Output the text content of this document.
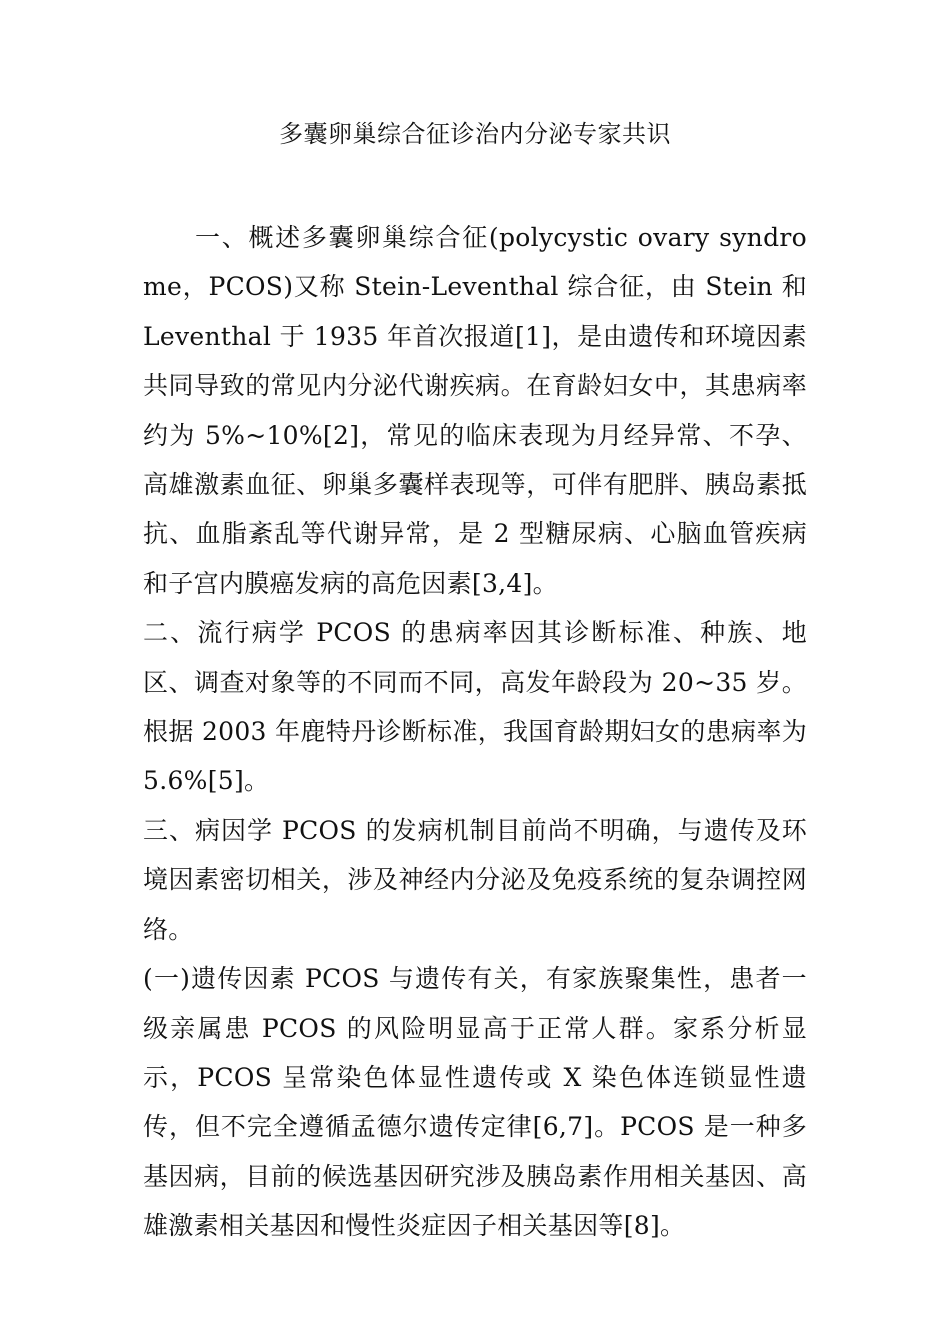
多囊卵巢综合征诊治内分泌专家共识

一、概述多囊卵巢综合征(polycystic ovary syndrome，PCOS)又称 Stein-Leventhal 综合征，由 Stein 和 Leventhal 于 1935 年首次报道[1]，是由遗传和环境因素共同导致的常见内分泌代谢疾病。在育龄妇女中，其患病率约为 5%~10%[2]，常见的临床表现为月经异常、不孕、高雄激素血征、卵巢多囊样表现等，可伴有肥胖、胰岛素抵抗、血脂紊乱等代谢异常，是 2 型糖尿病、心脑血管疾病和子宫内膜癌发病的高危因素[3,4]。

二、流行病学 PCOS 的患病率因其诊断标准、种族、地区、调查对象等的不同而不同，高发年龄段为 20~35 岁。根据 2003 年鹿特丹诊断标准，我国育龄期妇女的患病率为 5.6%[5]。

三、病因学 PCOS 的发病机制目前尚不明确，与遗传及环境因素密切相关，涉及神经内分泌及免疫系统的复杂调控网络。

(一)遗传因素 PCOS 与遗传有关，有家族聚集性，患者一级亲属患 PCOS 的风险明显高于正常人群。家系分析显示，PCOS 呈常染色体显性遗传或 X 染色体连锁显性遗传，但不完全遵循孟德尔遗传定律[6,7]。PCOS 是一种多基因病，目前的候选基因研究涉及胰岛素作用相关基因、高雄激素相关基因和慢性炎症因子相关基因等[8]。
